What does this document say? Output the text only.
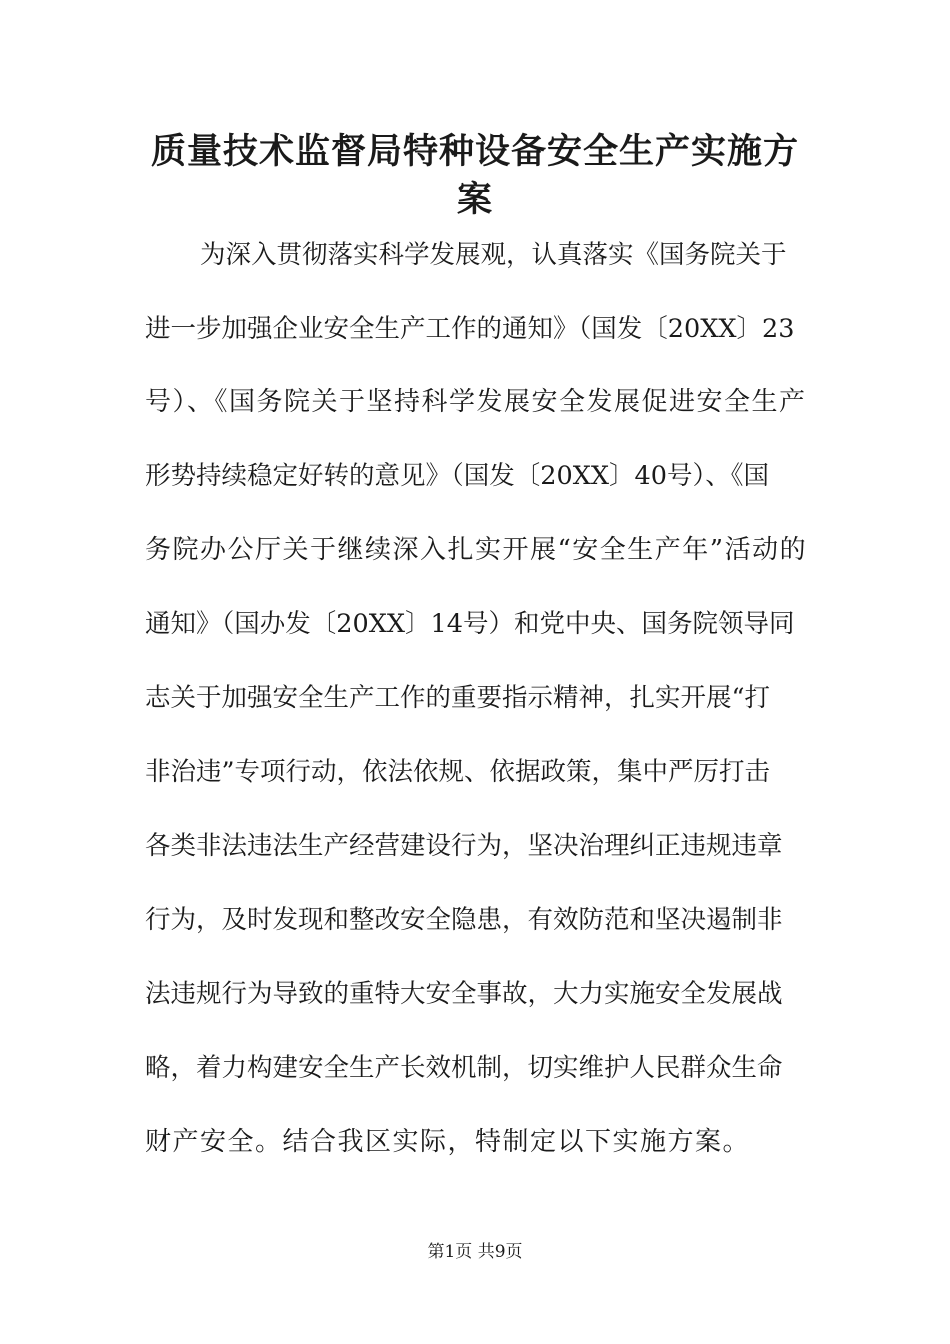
质量技术监督局特种设备安全生产实施方案
为深入贯彻落实科学发展观，认真落实《国务院关于
进一步加强企业安全生产工作的通知》（国发〔20XX〕23
号）、《国务院关于坚持科学发展安全发展促进安全生产
形势持续稳定好转的意见》（国发〔20XX〕40号）、《国
务院办公厅关于继续深入扎实开展“安全生产年”活动的
通知》（国办发〔20XX〕14号）和党中央、国务院领导同
志关于加强安全生产工作的重要指示精神，扎实开展“打
非治违”专项行动，依法依规、依据政策，集中严厉打击
各类非法违法生产经营建设行为，坚决治理纠正违规违章
行为，及时发现和整改安全隐患，有效防范和坚决遏制非
法违规行为导致的重特大安全事故，大力实施安全发展战
略，着力构建安全生产长效机制，切实维护人民群众生命
财产安全。结合我区实际，特制定以下实施方案。
第1页 共9页
